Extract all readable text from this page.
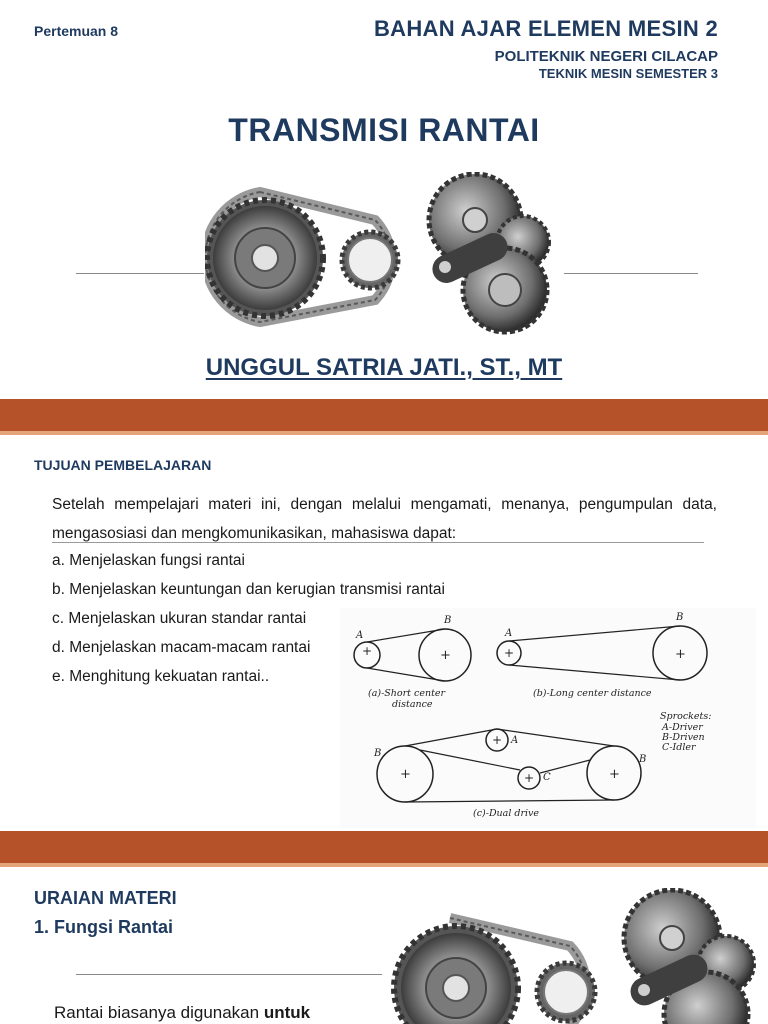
Pertemuan 8	BAHAN AJAR ELEMEN MESIN 2
POLITEKNIK NEGERI CILACAP
TEKNIK MESIN SEMESTER 3
TRANSMISI RANTAI
UNGGUL SATRIA JATI., ST., MT
TUJUAN PEMBELAJARAN
Setelah mempelajari materi ini, dengan melalui mengamati, menanya, pengumpulan data, mengasosiasi dan mengkomunikasikan, mahasiswa dapat:
a. Menjelaskan fungsi rantai
b. Menjelaskan keuntungan dan kerugian transmisi rantai
c. Menjelaskan ukuran standar rantai
d. Menjelaskan macam-macam rantai
e. Menghitung kekuatan rantai..
+	+
A
B
(a)-Short center
distance
+	+
A
B
(b)-Long center distance
Sprockets:
A-Driver
B-Driven
C-Idler
+
+
+	+
B
A
C
B
(c)-Dual drive
URAIAN MATERI
1. Fungsi Rantai
Rantai biasanya digunakan untuk
